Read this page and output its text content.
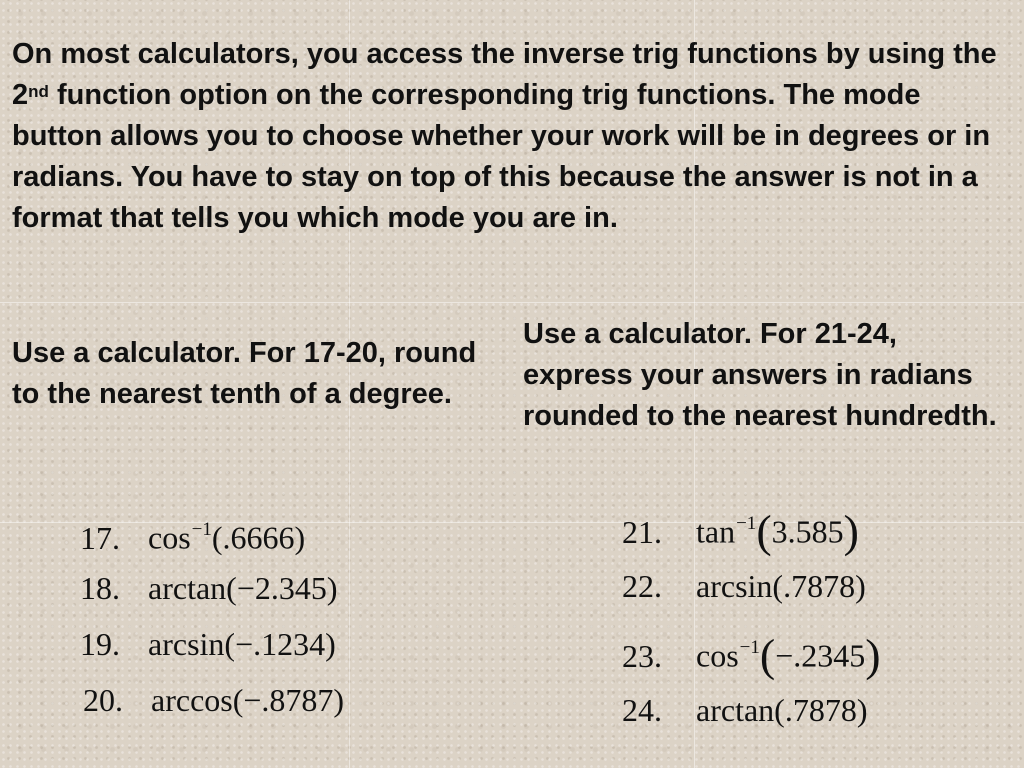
On most calculators, you access the inverse trig functions by using the 2nd function option on the corresponding trig functions. The mode button allows you to choose whether your work will be in degrees or in radians. You have to stay on top of this because the answer is not in a format that tells you which mode you are in.

Use a calculator. For 17-20, round to the nearest tenth of a degree.

Use a calculator. For 21-24, express your answers in radians rounded to the nearest hundredth.

17. $\cos^{-1}(.6666)$
18. arctan(−2.345)
19. arcsin(−.1234)
20. arccos(−.8787)
21. $\tan^{-1}(3.585)$
22. arcsin(.7878)
23. $\cos^{-1}(-.2345)$
24. arctan(.7878)
